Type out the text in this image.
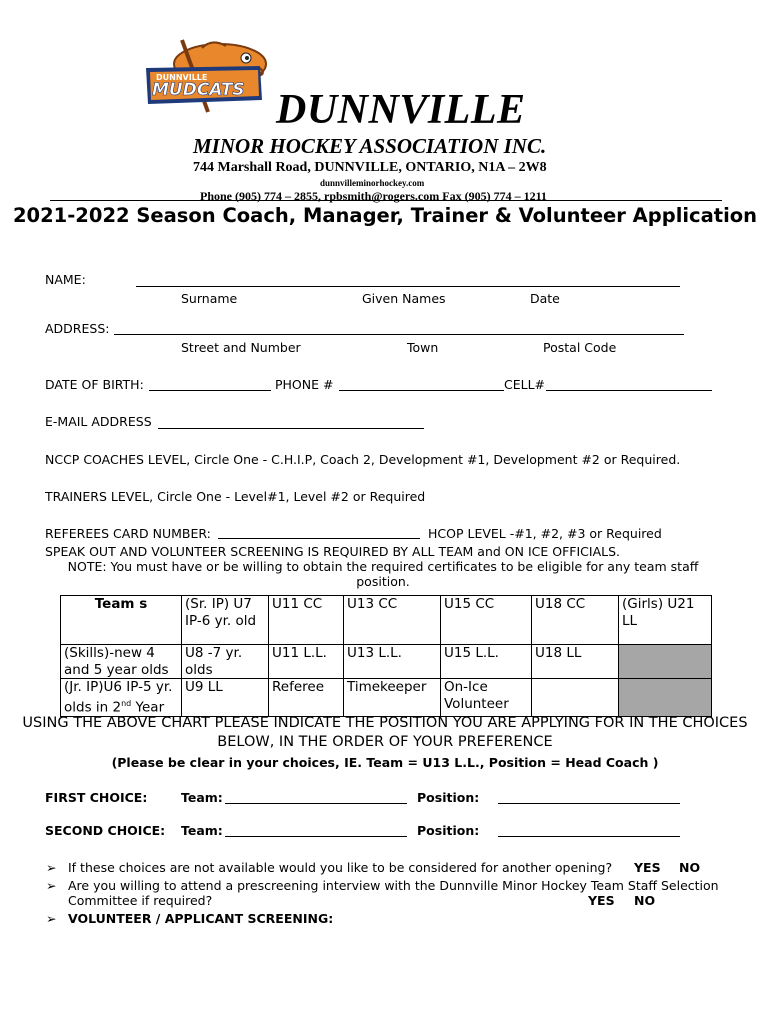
DUNNVILLE
MUDCATS DUNNVILLE
MINOR HOCKEY ASSOCIATION INC.
744 Marshall Road, DUNNVILLE, ONTARIO, N1A – 2W8
dunnvilleminorhockey.com
Phone (905) 774 – 2855, rpbsmith@rogers.com Fax (905) 774 – 1211
2021-2022 Season Coach, Manager, Trainer & Volunteer Application
NAME:
Surname	Given Names	Date
ADDRESS:
Street and Number	Town	Postal Code
DATE OF BIRTH:	PHONE #	CELL#
E-MAIL ADDRESS
NCCP COACHES LEVEL, Circle One - C.H.I.P, Coach 2, Development #1, Development #2 or Required.
TRAINERS LEVEL, Circle One - Level#1, Level #2 or Required
REFEREES CARD NUMBER:	HCOP LEVEL -#1, #2, #3 or Required
SPEAK OUT AND VOLUNTEER SCREENING IS REQUIRED BY ALL TEAM and ON ICE OFFICIALS.
NOTE: You must have or be willing to obtain the required certificates to be eligible for any team staff position.
Team s	(Sr. IP) U7 IP-6 yr. old	U11 CC	U13 CC	U15 CC	U18 CC	(Girls) U21 LL
(Skills)-new 4 and 5 year olds	U8 -7 yr. olds	U11 L.L.	U13 L.L.	U15 L.L.	U18 LL	
(Jr. IP)U6 IP-5 yr. olds in 2nd Year	U9 LL	Referee	Timekeeper	On-Ice Volunteer		
USING THE ABOVE CHART PLEASE INDICATE THE POSITION YOU ARE APPLYING FOR IN THE CHOICES BELOW, IN THE ORDER OF YOUR PREFERENCE
(Please be clear in your choices, IE. Team = U13 L.L., Position = Head Coach )
FIRST CHOICE:	Team:	Position:
SECOND CHOICE: Team:	Position:
➢ If these choices are not available would you like to be considered for another opening? YES NO
➢ Are you willing to attend a prescreening interview with the Dunnville Minor Hockey Team Staff Selection
Committee if required?	YES NO
➢ VOLUNTEER / APPLICANT SCREENING:
